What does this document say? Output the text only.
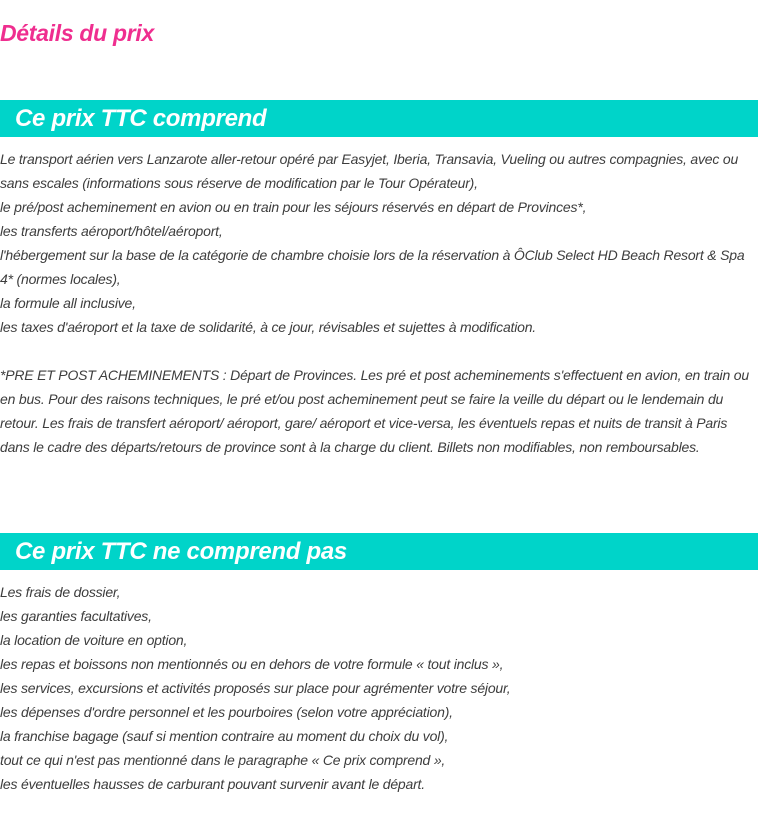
Détails du prix
Ce prix TTC comprend

Le transport aérien vers Lanzarote aller-retour opéré par Easyjet, Iberia, Transavia, Vueling ou autres compagnies, avec ou sans escales (informations sous réserve de modification par le Tour Opérateur),

le pré/post acheminement en avion ou en train pour les séjours réservés en départ de Provinces*,

les transferts aéroport/hôtel/aéroport,

l'hébergement sur la base de la catégorie de chambre choisie lors de la réservation à ÔClub Select HD Beach Resort & Spa 4* (normes locales),

la formule all inclusive,

les taxes d'aéroport et la taxe de solidarité, à ce jour, révisables et sujettes à modification.

*PRE ET POST ACHEMINEMENTS : Départ de Provinces. Les pré et post acheminements s'effectuent en avion, en train ou en bus. Pour des raisons techniques, le pré et/ou post acheminement peut se faire la veille du départ ou le lendemain du retour. Les frais de transfert aéroport/ aéroport, gare/ aéroport et vice-versa, les éventuels repas et nuits de transit à Paris dans le cadre des départs/retours de province sont à la charge du client. Billets non modifiables, non remboursables.

Ce prix TTC ne comprend pas

Les frais de dossier,

les garanties facultatives,

la location de voiture en option,

les repas et boissons non mentionnés ou en dehors de votre formule « tout inclus »,

les services, excursions et activités proposés sur place pour agrémenter votre séjour,

les dépenses d'ordre personnel et les pourboires (selon votre appréciation),

la franchise bagage (sauf si mention contraire au moment du choix du vol),

tout ce qui n'est pas mentionné dans le paragraphe « Ce prix comprend »,

les éventuelles hausses de carburant pouvant survenir avant le départ.
